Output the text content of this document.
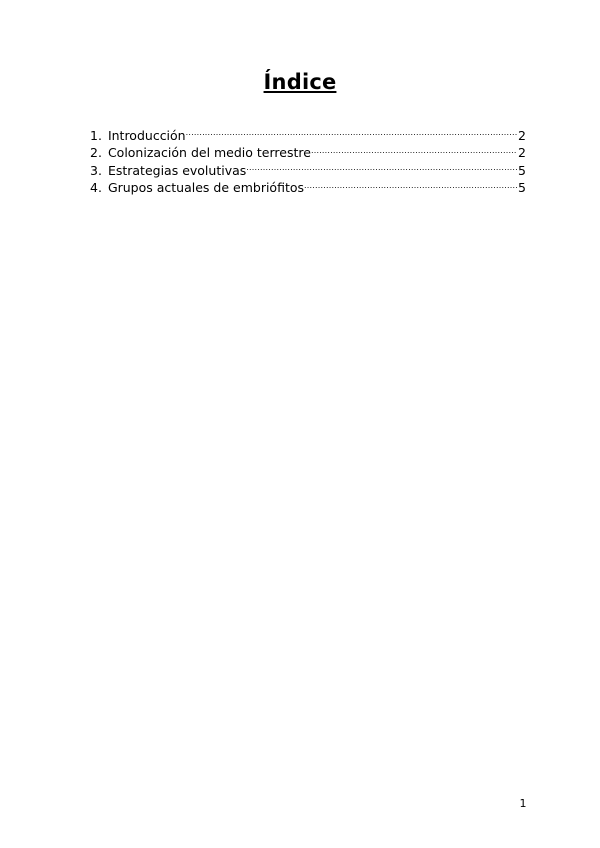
Índice
1. Introducción .....	2
2. Colonización del medio terrestre .....	2
3. Estrategias evolutivas .....	5
4. Grupos actuales de embriófitos .....	5
1
